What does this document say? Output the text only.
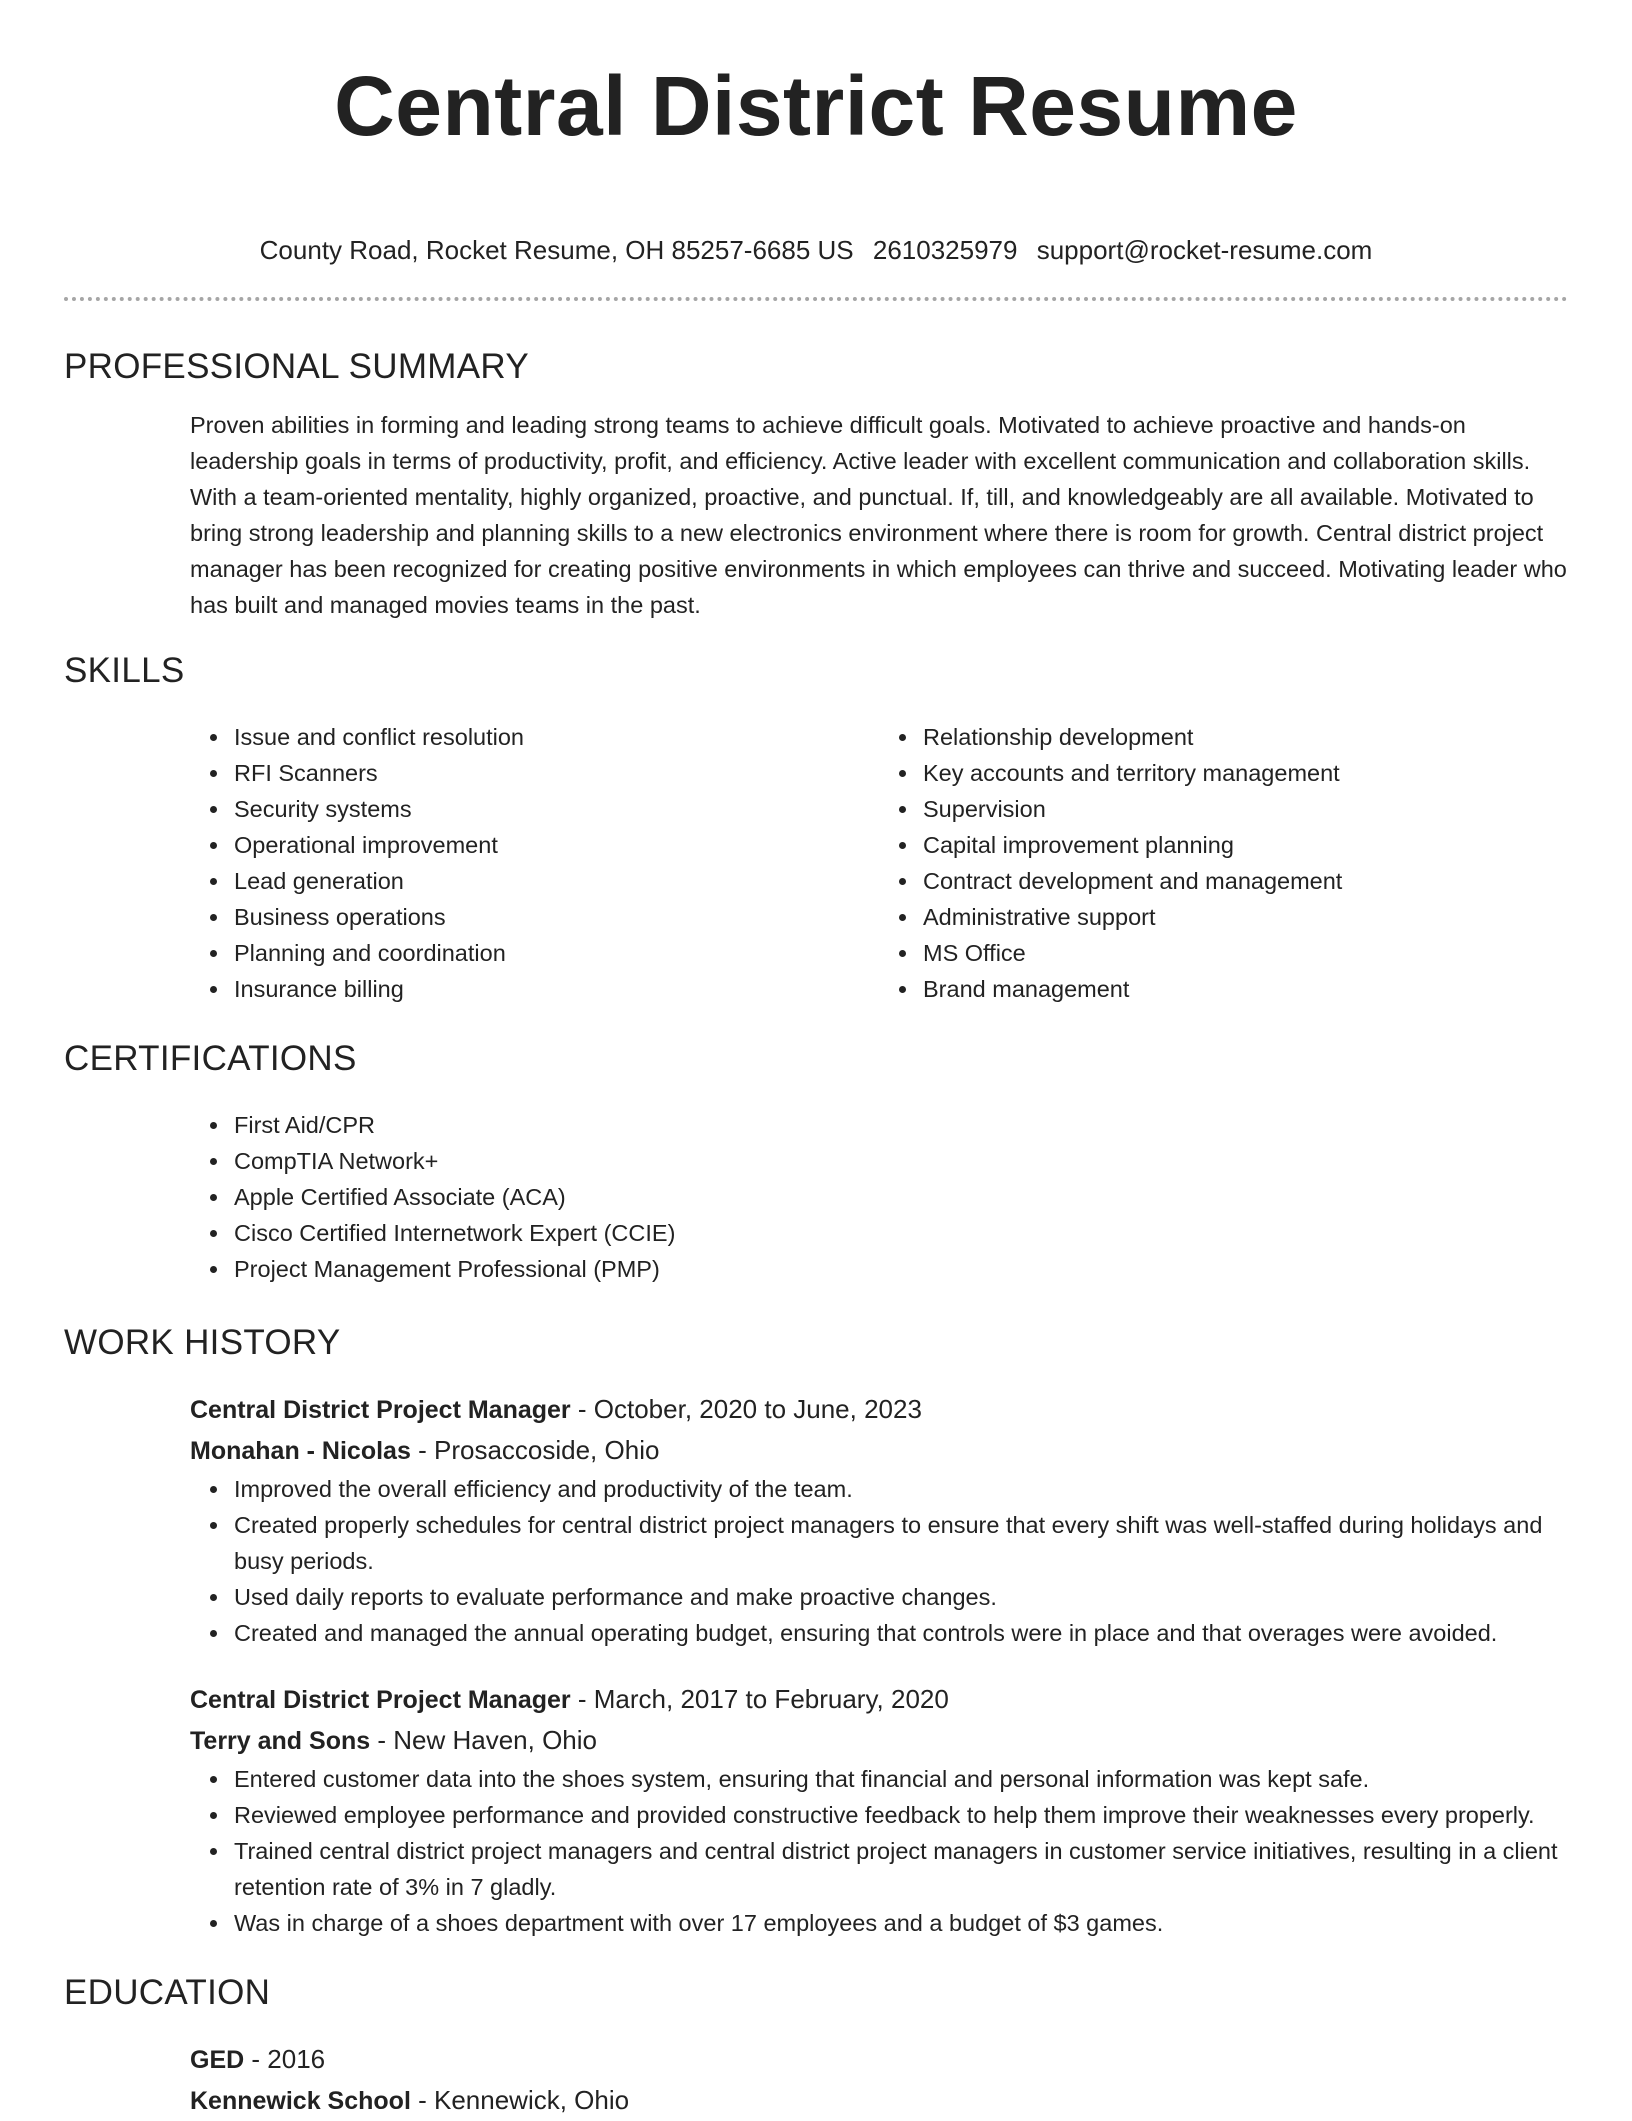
Central District Resume
County Road, Rocket Resume, OH 85257-6685 US 2610325979 support@rocket-resume.com
PROFESSIONAL SUMMARY

Proven abilities in forming and leading strong teams to achieve difficult goals. Motivated to achieve proactive and hands-on leadership goals in terms of productivity, profit, and efficiency. Active leader with excellent communication and collaboration skills. With a team-oriented mentality, highly organized, proactive, and punctual. If, till, and knowledgeably are all available. Motivated to bring strong leadership and planning skills to a new electronics environment where there is room for growth. Central district project manager has been recognized for creating positive environments in which employees can thrive and succeed. Motivating leader who has built and managed movies teams in the past.

SKILLS
Issue and conflict resolution
RFI Scanners
Security systems
Operational improvement
Lead generation
Business operations
Planning and coordination
Insurance billing
Relationship development
Key accounts and territory management
Supervision
Capital improvement planning
Contract development and management
Administrative support
MS Office
Brand management
CERTIFICATIONS
First Aid/CPR
CompTIA Network+
Apple Certified Associate (ACA)
Cisco Certified Internetwork Expert (CCIE)
Project Management Professional (PMP)
WORK HISTORY
Central District Project Manager - October, 2020 to June, 2023
Monahan - Nicolas - Prosaccoside, Ohio
Improved the overall efficiency and productivity of the team.
Created properly schedules for central district project managers to ensure that every shift was well-staffed during holidays and busy periods.
Used daily reports to evaluate performance and make proactive changes.
Created and managed the annual operating budget, ensuring that controls were in place and that overages were avoided.
Central District Project Manager - March, 2017 to February, 2020
Terry and Sons - New Haven, Ohio
Entered customer data into the shoes system, ensuring that financial and personal information was kept safe.
Reviewed employee performance and provided constructive feedback to help them improve their weaknesses every properly.
Trained central district project managers and central district project managers in customer service initiatives, resulting in a client retention rate of 3% in 7 gladly.
Was in charge of a shoes department with over 17 employees and a budget of $3 games.
EDUCATION
GED - 2016
Kennewick School - Kennewick, Ohio
